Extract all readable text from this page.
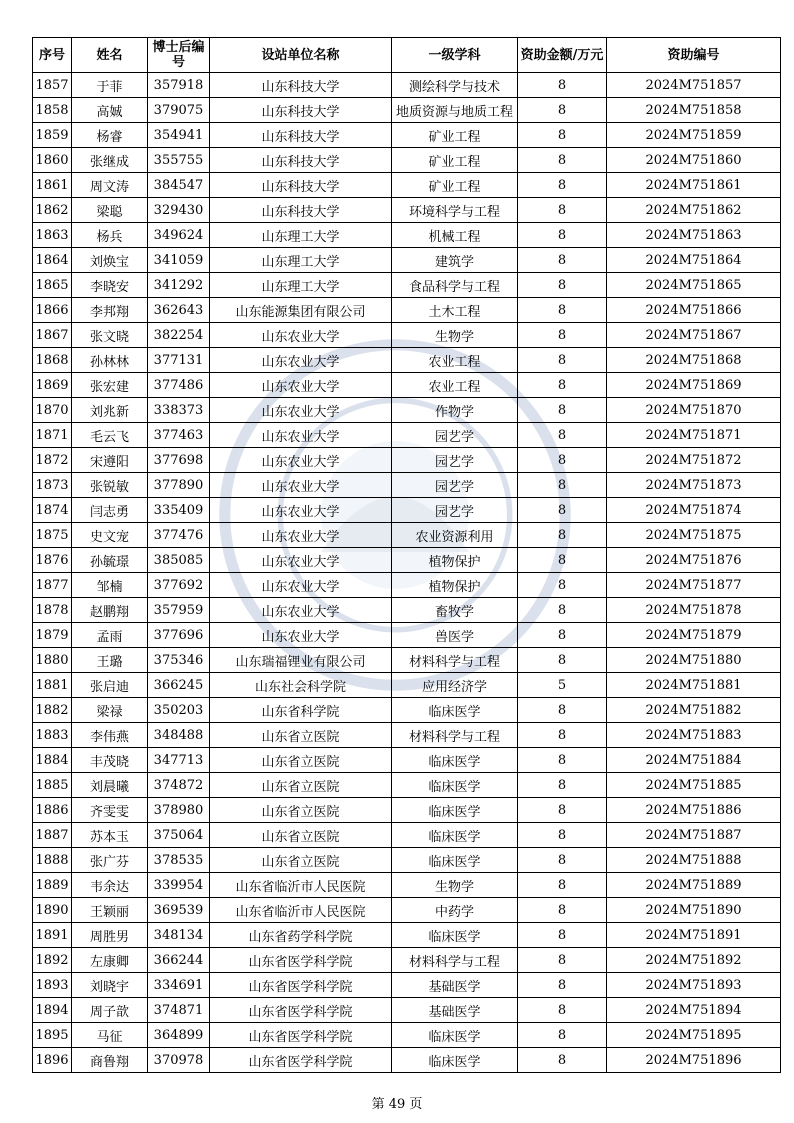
序号	姓名	博士后编号	设站单位名称	一级学科	资助金额/万元	资助编号
1857	于菲	357918	山东科技大学	测绘科学与技术	8	2024M751857
1858	高娍	379075	山东科技大学	地质资源与地质工程	8	2024M751858
1859	杨睿	354941	山东科技大学	矿业工程	8	2024M751859
1860	张继成	355755	山东科技大学	矿业工程	8	2024M751860
1861	周文涛	384547	山东科技大学	矿业工程	8	2024M751861
1862	梁聪	329430	山东科技大学	环境科学与工程	8	2024M751862
1863	杨兵	349624	山东理工大学	机械工程	8	2024M751863
1864	刘焕宝	341059	山东理工大学	建筑学	8	2024M751864
1865	李晓安	341292	山东理工大学	食品科学与工程	8	2024M751865
1866	李邦翔	362643	山东能源集团有限公司	土木工程	8	2024M751866
1867	张文晓	382254	山东农业大学	生物学	8	2024M751867
1868	孙林林	377131	山东农业大学	农业工程	8	2024M751868
1869	张宏建	377486	山东农业大学	农业工程	8	2024M751869
1870	刘兆新	338373	山东农业大学	作物学	8	2024M751870
1871	毛云飞	377463	山东农业大学	园艺学	8	2024M751871
1872	宋遵阳	377698	山东农业大学	园艺学	8	2024M751872
1873	张锐敏	377890	山东农业大学	园艺学	8	2024M751873
1874	闫志勇	335409	山东农业大学	园艺学	8	2024M751874
1875	史文宠	377476	山东农业大学	农业资源利用	8	2024M751875
1876	孙毓璟	385085	山东农业大学	植物保护	8	2024M751876
1877	邹楠	377692	山东农业大学	植物保护	8	2024M751877
1878	赵鹏翔	357959	山东农业大学	畜牧学	8	2024M751878
1879	孟雨	377696	山东农业大学	兽医学	8	2024M751879
1880	王璐	375346	山东瑞福锂业有限公司	材料科学与工程	8	2024M751880
1881	张启迪	366245	山东社会科学院	应用经济学	5	2024M751881
1882	梁禄	350203	山东省科学院	临床医学	8	2024M751882
1883	李伟燕	348488	山东省立医院	材料科学与工程	8	2024M751883
1884	丰茂晓	347713	山东省立医院	临床医学	8	2024M751884
1885	刘晨曦	374872	山东省立医院	临床医学	8	2024M751885
1886	齐雯雯	378980	山东省立医院	临床医学	8	2024M751886
1887	苏本玉	375064	山东省立医院	临床医学	8	2024M751887
1888	张广芬	378535	山东省立医院	临床医学	8	2024M751888
1889	韦余达	339954	山东省临沂市人民医院	生物学	8	2024M751889
1890	王颖丽	369539	山东省临沂市人民医院	中药学	8	2024M751890
1891	周胜男	348134	山东省药学科学院	临床医学	8	2024M751891
1892	左康卿	366244	山东省医学科学院	材料科学与工程	8	2024M751892
1893	刘晓宇	334691	山东省医学科学院	基础医学	8	2024M751893
1894	周子歆	374871	山东省医学科学院	基础医学	8	2024M751894
1895	马征	364899	山东省医学科学院	临床医学	8	2024M751895
1896	商鲁翔	370978	山东省医学科学院	临床医学	8	2024M751896
第 49 页
